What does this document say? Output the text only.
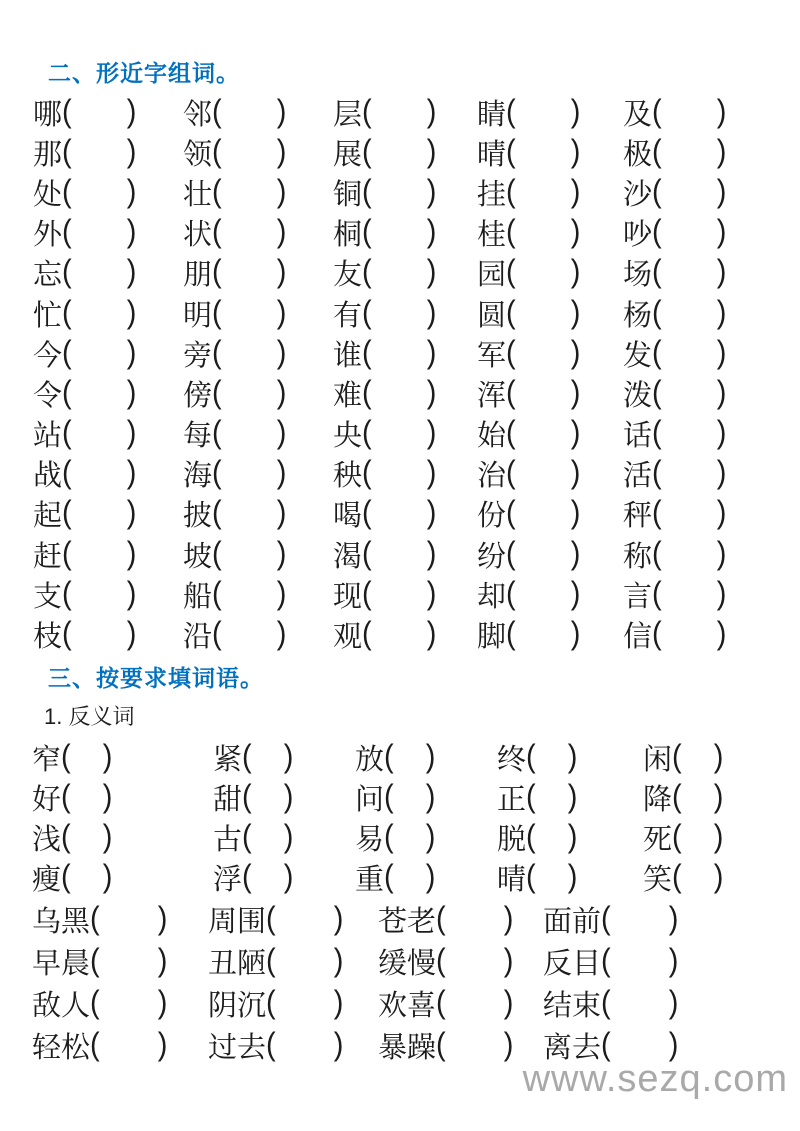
二、形近字组词。
哪 ( ) 邻 ( ) 层 ( ) 睛 ( ) 及 ( )
那 ( ) 领 ( ) 展 ( ) 晴 ( ) 极 ( )
处 ( ) 壮 ( ) 铜 ( ) 挂 ( ) 沙 ( )
外 ( ) 状 ( ) 桐 ( ) 桂 ( ) 吵 ( )
忘 ( ) 朋 ( ) 友 ( ) 园 ( ) 场 ( )
忙 ( ) 明 ( ) 有 ( ) 圆 ( ) 杨 ( )
今 ( ) 旁 ( ) 谁 ( ) 军 ( ) 发 ( )
令 ( ) 傍 ( ) 难 ( ) 浑 ( ) 泼 ( )
站 ( ) 每 ( ) 央 ( ) 始 ( ) 话 ( )
战 ( ) 海 ( ) 秧 ( ) 治 ( ) 活 ( )
起 ( ) 披 ( ) 喝 ( ) 份 ( ) 秤 ( )
赶 ( ) 坡 ( ) 渴 ( ) 纷 ( ) 称 ( )
支 ( ) 船 ( ) 现 ( ) 却 ( ) 言 ( )
枝 ( ) 沿 ( ) 观 ( ) 脚 ( ) 信 ( )
三、按要求填词语。
1. 反义词
窄 ( )	紧 ( ) 放 ( ) 终 ( ) 闲 ( )
好 ( )	甜 ( ) 问 ( ) 正 ( ) 降 ( )
浅 ( )	古 ( ) 易 ( ) 脱 ( ) 死 ( )
瘦 ( )	浮 ( ) 重 ( ) 晴 ( ) 笑 ( )
乌黑 ( ) 周围 ( ) 苍老 ( ) 面前 ( )
早晨 ( ) 丑陋 ( ) 缓慢 ( ) 反目 ( )
敌人 ( ) 阴沉 ( ) 欢喜 ( ) 结束 ( )
轻松 ( ) 过去 ( ) 暴躁 ( ) 离去 ( )
www.sezq.com
